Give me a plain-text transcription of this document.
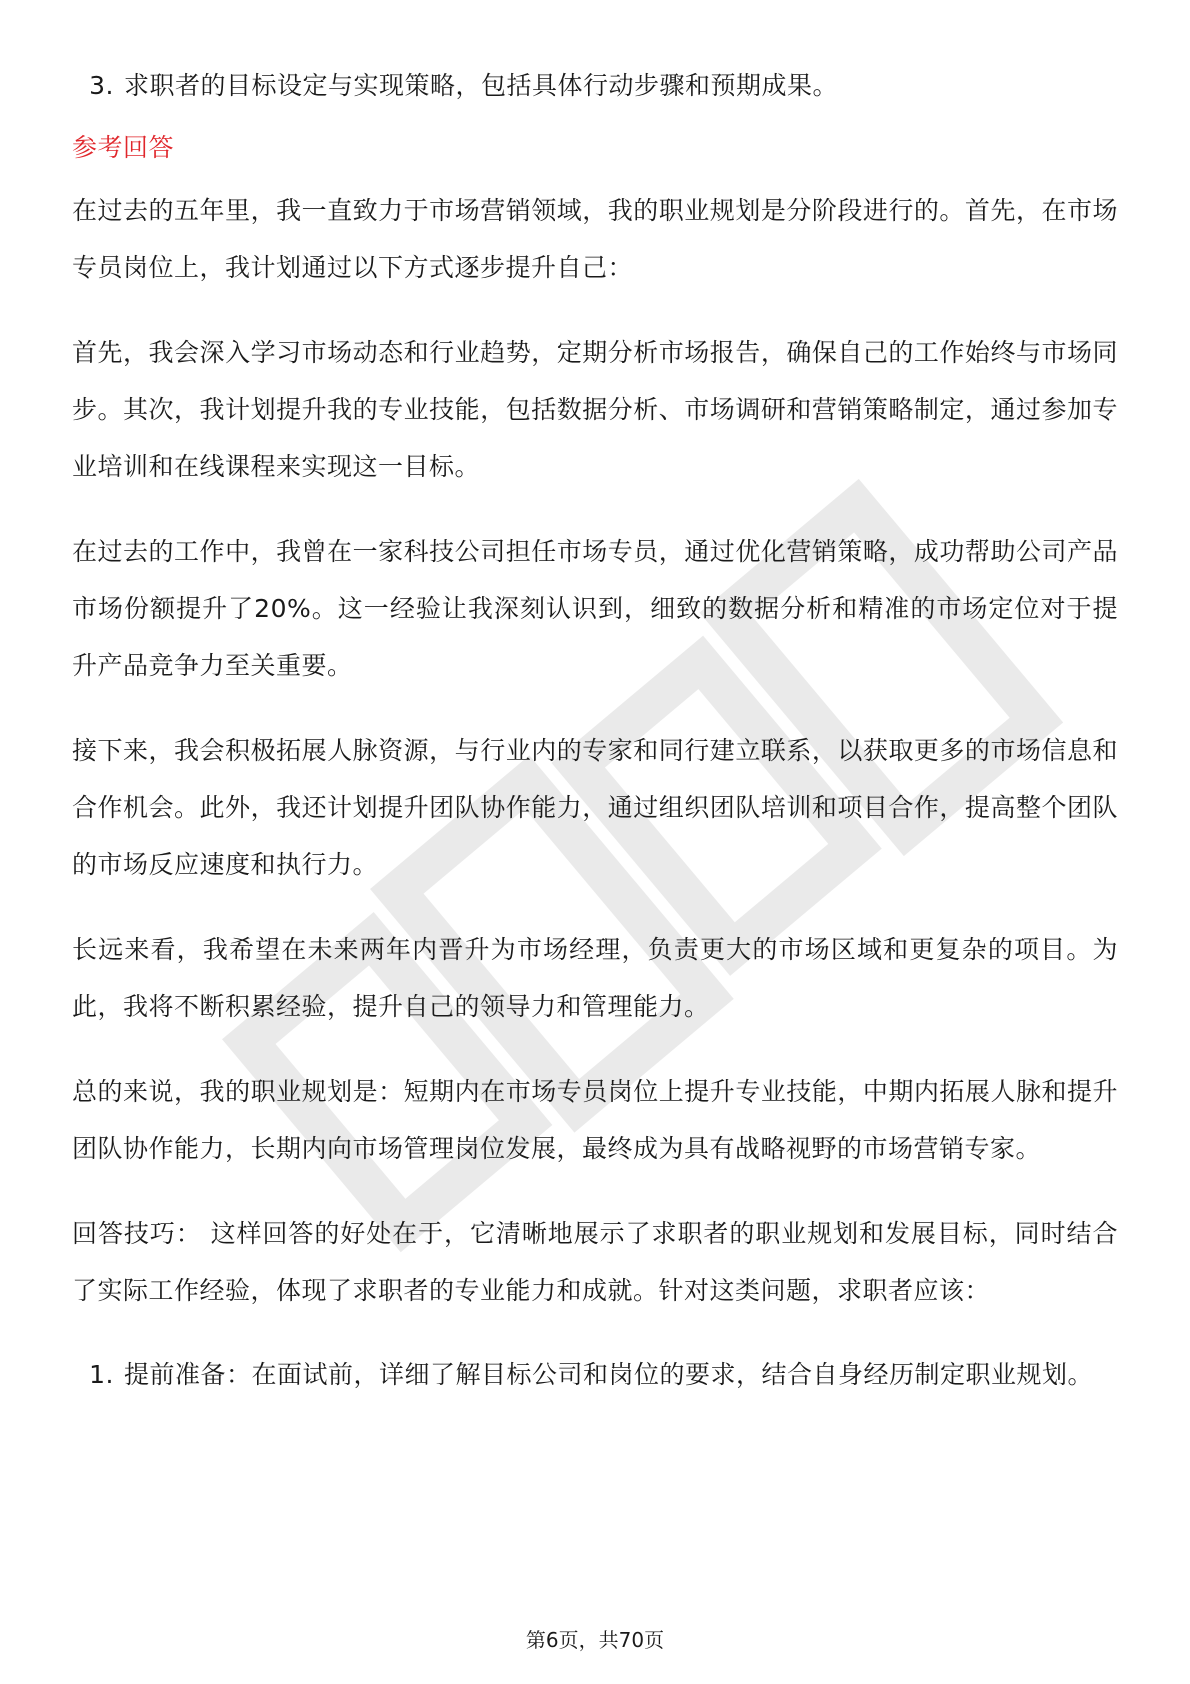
3. 求职者的目标设定与实现策略，包括具体行动步骤和预期成果。
参考回答

在过去的五年里，我一直致力于市场营销领域，我的职业规划是分阶段进行的。首先，在市场专员岗位上，我计划通过以下方式逐步提升自己：

首先，我会深入学习市场动态和行业趋势，定期分析市场报告，确保自己的工作始终与市场同步。其次，我计划提升我的专业技能，包括数据分析、市场调研和营销策略制定，通过参加专业培训和在线课程来实现这一目标。

在过去的工作中，我曾在一家科技公司担任市场专员，通过优化营销策略，成功帮助公司产品市场份额提升了20%。这一经验让我深刻认识到，细致的数据分析和精准的市场定位对于提升产品竞争力至关重要。

接下来，我会积极拓展人脉资源，与行业内的专家和同行建立联系，以获取更多的市场信息和合作机会。此外，我还计划提升团队协作能力，通过组织团队培训和项目合作，提高整个团队的市场反应速度和执行力。

长远来看，我希望在未来两年内晋升为市场经理，负责更大的市场区域和更复杂的项目。为此，我将不断积累经验，提升自己的领导力和管理能力。

总的来说，我的职业规划是：短期内在市场专员岗位上提升专业技能，中期内拓展人脉和提升团队协作能力，长期内向市场管理岗位发展，最终成为具有战略视野的市场营销专家。

回答技巧： 这样回答的好处在于，它清晰地展示了求职者的职业规划和发展目标，同时结合了实际工作经验，体现了求职者的专业能力和成就。针对这类问题，求职者应该：

1. 提前准备：在面试前，详细了解目标公司和岗位的要求，结合自身经历制定职业规划。
第6页，共70页
